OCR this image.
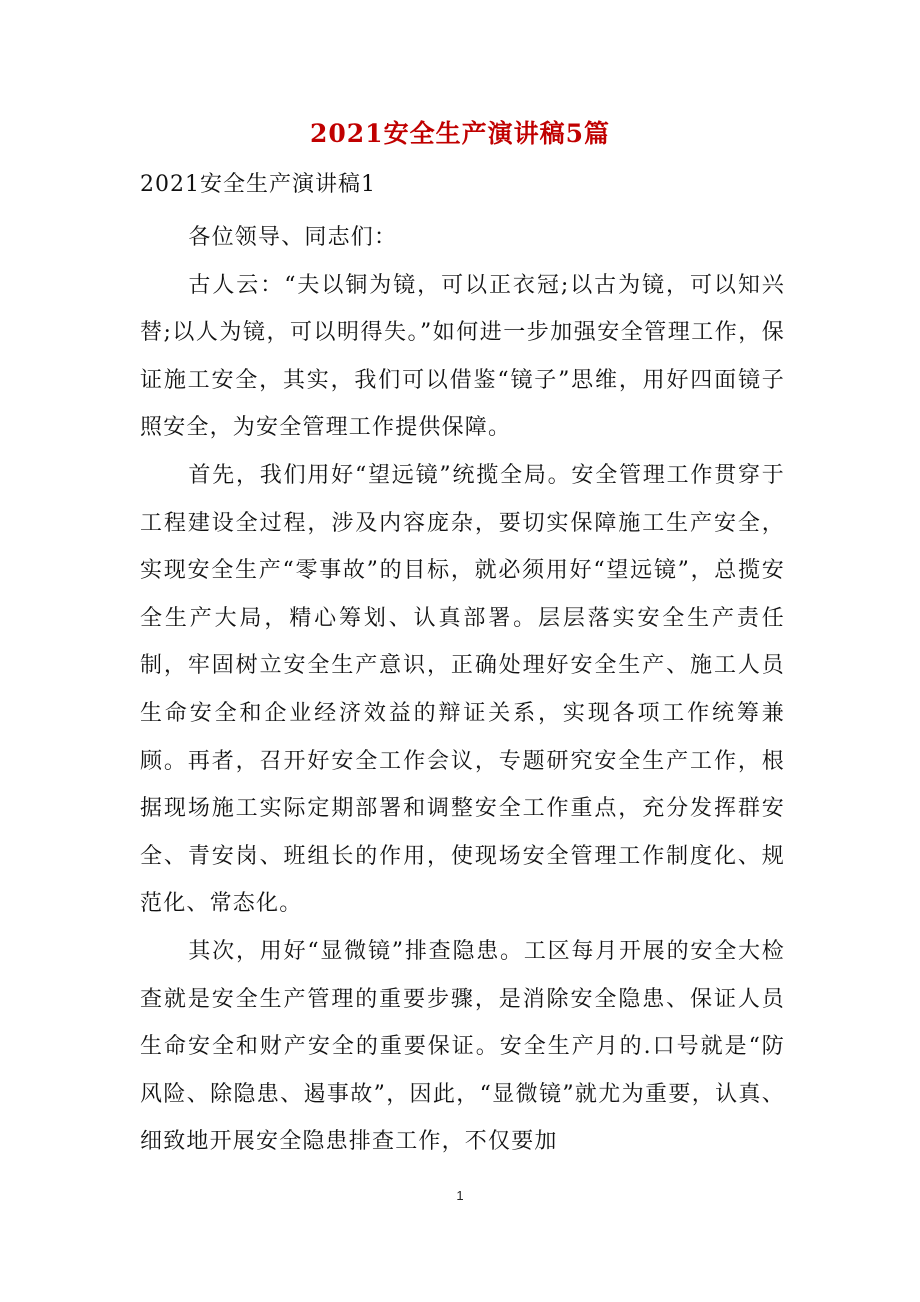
2021安全生产演讲稿5篇
2021安全生产演讲稿1

各位领导、同志们：

古人云：“夫以铜为镜，可以正衣冠;以古为镜，可以知兴替;以人为镜，可以明得失。”如何进一步加强安全管理工作，保证施工安全，其实，我们可以借鉴“镜子”思维，用好四面镜子照安全，为安全管理工作提供保障。

首先，我们用好“望远镜”统揽全局。安全管理工作贯穿于工程建设全过程，涉及内容庞杂，要切实保障施工生产安全，实现安全生产“零事故”的目标，就必须用好“望远镜”，总揽安全生产大局，精心筹划、认真部署。层层落实安全生产责任制，牢固树立安全生产意识，正确处理好安全生产、施工人员生命安全和企业经济效益的辩证关系，实现各项工作统筹兼顾。再者，召开好安全工作会议，专题研究安全生产工作，根据现场施工实际定期部署和调整安全工作重点，充分发挥群安全、青安岗、班组长的作用，使现场安全管理工作制度化、规范化、常态化。

其次，用好“显微镜”排查隐患。工区每月开展的安全大检查就是安全生产管理的重要步骤，是消除安全隐患、保证人员生命安全和财产安全的重要保证。安全生产月的.口号就是“防风险、除隐患、遏事故”，因此，“显微镜”就尤为重要，认真、细致地开展安全隐患排查工作，不仅要加

1
